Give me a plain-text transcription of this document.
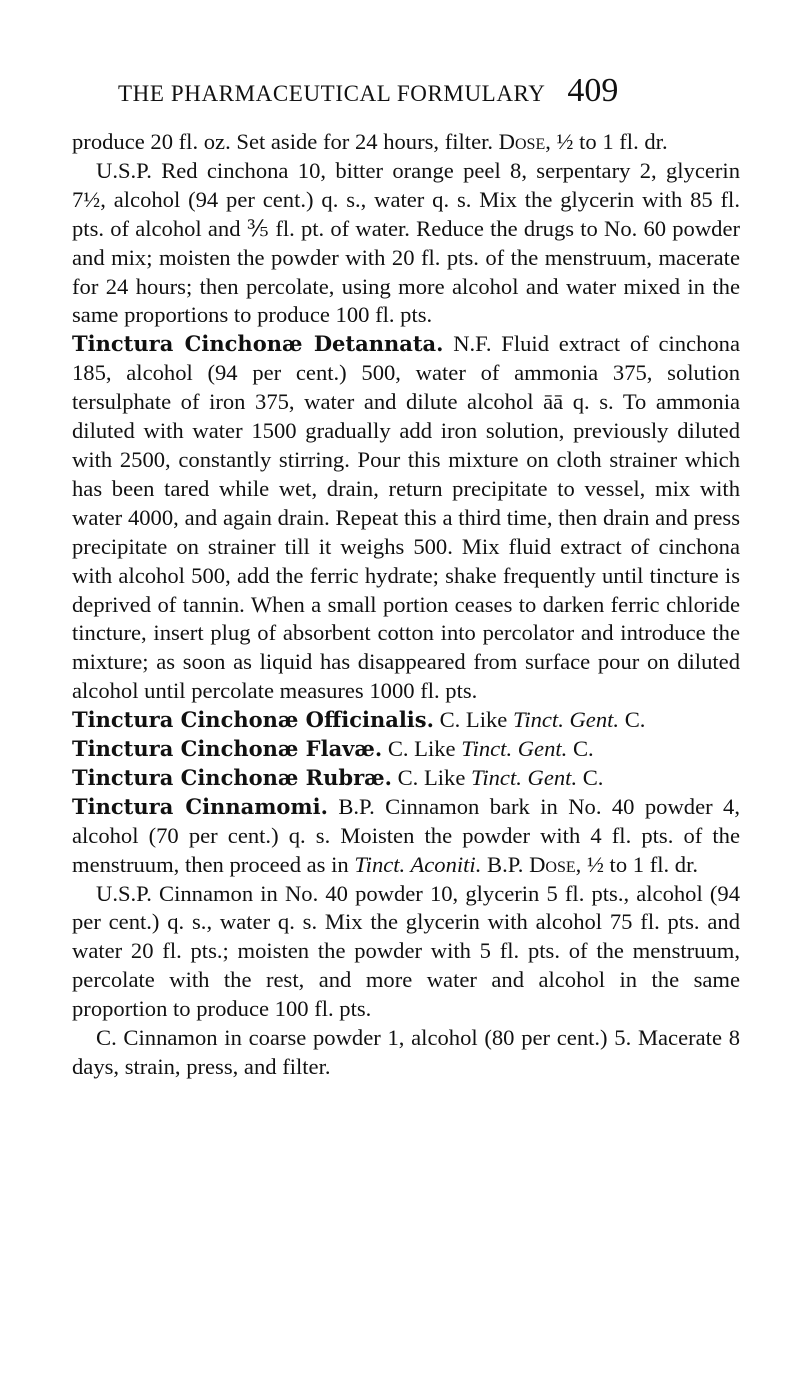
THE PHARMACEUTICAL FORMULARY 409

produce 20 fl. oz. Set aside for 24 hours, filter. Dose, ½ to 1 fl. dr.

U.S.P. Red cinchona 10, bitter orange peel 8, serpentary 2, glycerin 7½, alcohol (94 per cent.) q. s., water q. s. Mix the glycerin with 85 fl. pts. of alcohol and ⅗ fl. pt. of water. Reduce the drugs to No. 60 powder and mix; moisten the powder with 20 fl. pts. of the menstruum, macerate for 24 hours; then percolate, using more alcohol and water mixed in the same proportions to produce 100 fl. pts.

Tinctura Cinchonæ Detannata. N.F. Fluid extract of cinchona 185, alcohol (94 per cent.) 500, water of ammonia 375, solution tersulphate of iron 375, water and dilute alcohol āā q. s. To ammonia diluted with water 1500 gradually add iron solution, previously diluted with 2500, constantly stirring. Pour this mixture on cloth strainer which has been tared while wet, drain, return precipitate to vessel, mix with water 4000, and again drain. Repeat this a third time, then drain and press precipitate on strainer till it weighs 500. Mix fluid extract of cinchona with alcohol 500, add the ferric hydrate; shake frequently until tincture is deprived of tannin. When a small portion ceases to darken ferric chloride tincture, insert plug of absorbent cotton into percolator and introduce the mixture; as soon as liquid has disappeared from surface pour on diluted alcohol until percolate measures 1000 fl. pts.

Tinctura Cinchonæ Officinalis. C. Like Tinct. Gent. C.

Tinctura Cinchonæ Flavæ. C. Like Tinct. Gent. C.

Tinctura Cinchonæ Rubræ. C. Like Tinct. Gent. C.

Tinctura Cinnamomi. B.P. Cinnamon bark in No. 40 powder 4, alcohol (70 per cent.) q. s. Moisten the powder with 4 fl. pts. of the menstruum, then proceed as in Tinct. Aconiti. B.P. Dose, ½ to 1 fl. dr.

U.S.P. Cinnamon in No. 40 powder 10, glycerin 5 fl. pts., alcohol (94 per cent.) q. s., water q. s. Mix the glycerin with alcohol 75 fl. pts. and water 20 fl. pts.; moisten the powder with 5 fl. pts. of the menstruum, percolate with the rest, and more water and alcohol in the same proportion to produce 100 fl. pts.

C. Cinnamon in coarse powder 1, alcohol (80 per cent.) 5. Macerate 8 days, strain, press, and filter.
